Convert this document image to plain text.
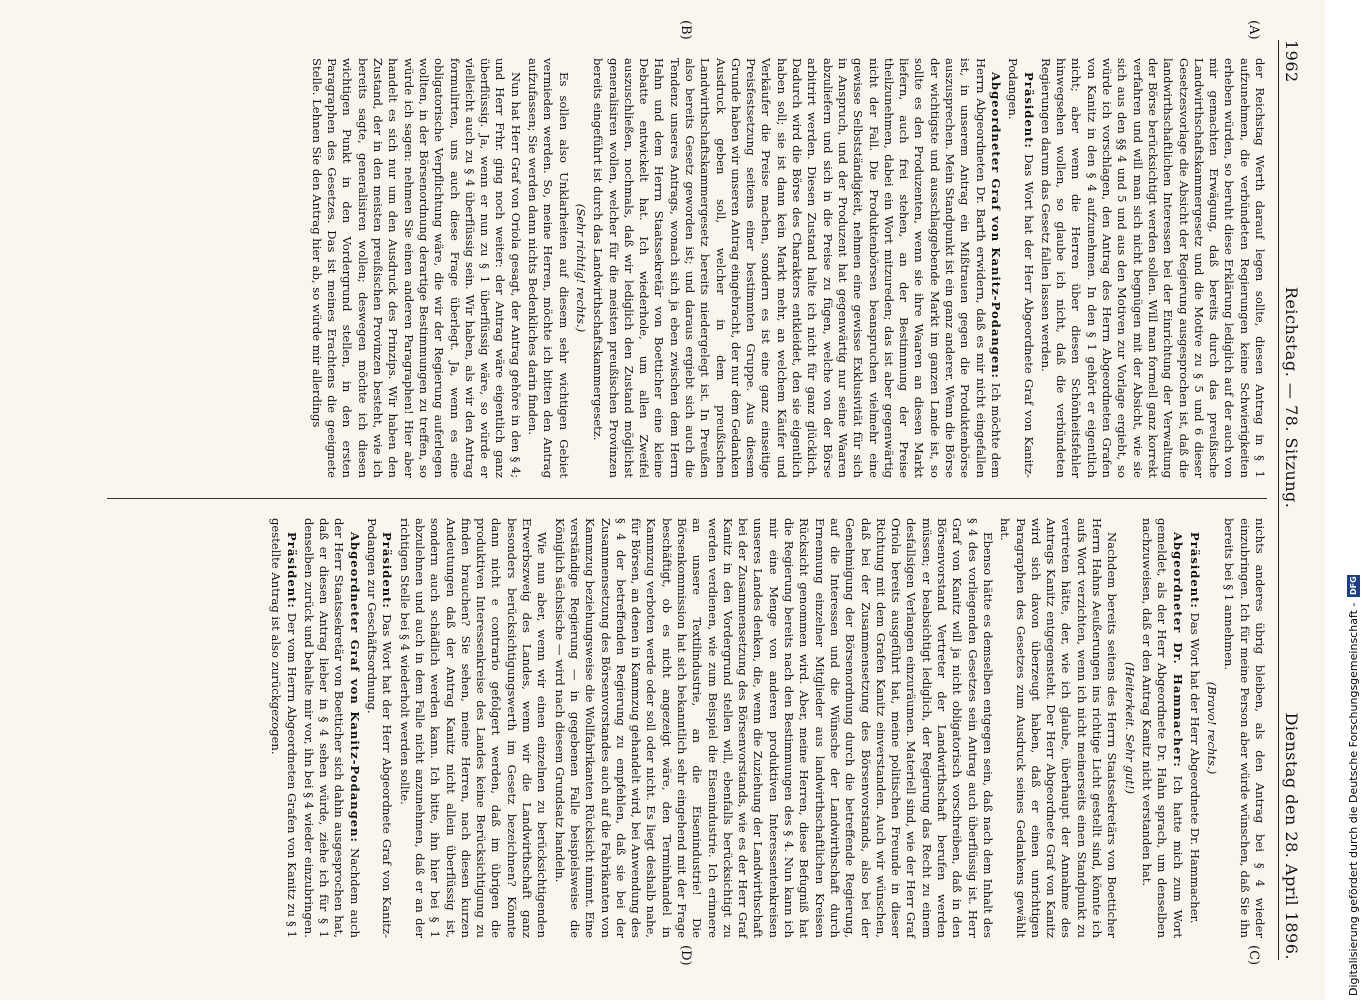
1962
Reichstag. — 78. Sitzung.
Dienstag den 28. April 1896.
(A)
(B)
(C)
(D)

der Reichstag Werth darauf legen sollte, diesen Antrag in § 1 aufzunehmen, die verbündeten Regierungen keine Schwierigkeiten erheben würden, so beruht diese Erklärung lediglich auf der auch von mir gemachten Erwägung, daß bereits durch das preußische Landwirthschaftskammergesetz und die Motive zu § 5 und 6 dieser Gesetzesvorlage die Absicht der Regierung ausgesprochen ist, daß die landwirthschaftlichen Interessen bei der Einrichtung der Verwaltung der Börse berücksichtigt werden sollen. Will man formell ganz korrekt verfahren und will man sich nicht begnügen mit der Absicht, wie sie sich aus den §§ 4 und 5 und aus den Motiven zur Vorlage ergiebt, so würde ich vorschlagen, den Antrag des Herrn Abgeordneten Grafen von Kanitz in den § 4 aufzunehmen. In den § 1 gehört er eigentlich nicht; aber wenn die Herren über diesen Schönheitsfehler hinwegsehen wollen, so glaube ich nicht, daß die verbündeten Regierungen darum das Gesetz fallen lassen werden.

Präsident: Das Wort hat der Herr Abgeordnete Graf von Kanitz-Podangen.

Abgeordneter Graf von Kanitz-Podangen: Ich möchte dem Herrn Abgeordneten Dr. Barth erwidern, daß es mir nicht eingefallen ist, in unserem Antrag ein Mißtrauen gegen die Produktenbörse auszusprechen. Mein Standpunkt ist ein ganz anderer. Wenn die Börse der wichtigste und ausschlaggebende Markt im ganzen Lande ist, so sollte es den Produzenten, wenn sie ihre Waaren an diesen Markt liefern, auch frei stehen, an der Bestimmung der Preise theilzunehmen, dabei ein Wort mitzureden; das ist aber gegenwärtig nicht der Fall. Die Produktenbörsen beanspruchen vielmehr eine gewisse Selbstständigkeit, nehmen eine gewisse Exklusivität für sich in Anspruch, und der Produzent hat gegenwärtig nur seine Waaren abzuliefern und sich in die Preise zu fügen, welche von der Börse arbitrirt werden. Diesen Zustand halte ich nicht für ganz glücklich. Dadurch wird die Börse des Charakters entkleidet, den sie eigentlich haben soll; sie ist dann kein Markt mehr, an welchem Käufer und Verkäufer die Preise machen, sondern es ist eine ganz einseitige Preisfestsetzung seitens einer bestimmten Gruppe. Aus diesem Grunde haben wir unseren Antrag eingebracht, der nur dem Gedanken Ausdruck geben soll, welcher in dem preußischen Landwirthschaftskammergesetz bereits niedergelegt ist. In Preußen also bereits Gesetz geworden ist; und daraus ergiebt sich auch die Tendenz unseres Antrags, wonach sich ja eben zwischen dem Herrn Hahn und dem Herrn Staatssekretär von Boetticher eine kleine Debatte entwickelt hat. Ich wiederhole, um allen Zweifel auszuschließen, nochmals, daß wir lediglich den Zustand möglichst generalisiren wollen, welcher für die meisten preußischen Provinzen bereits eingeführt ist durch das Landwirthschaftskammergesetz.

(Sehr richtig! rechts.)

Es sollen also Unklarheiten auf diesem sehr wichtigen Gebiet vermieden werden. So, meine Herren, möchte ich bitten den Antrag aufzufassen; Sie werden dann nichts Bedenkliches darin finden.

Nun hat Herr Graf von Oriola gesagt, der Antrag gehöre in den § 4; und Herr Frhr. ging noch weiter: der Antrag wäre eigentlich ganz überflüssig. Ja, wenn er nun zu § 1 überflüssig wäre, so würde er vielleicht auch zu § 4 überflüssig sein. Wir haben, als wir den Antrag formulirten, uns auch diese Frage überlegt. Ja, wenn es eine obligatorische Verpflichtung wäre, die wir der Regierung auferlegen wollten, in der Börsenordnung derartige Bestimmungen zu treffen, so würde ich sagen: nehmen Sie einen anderen Paragraphen! Hier aber handelt es sich nur um den Ausdruck des Prinzips. Wir haben den Zustand, der in den meisten preußischen Provinzen besteht, wie ich bereits sagte, generalisiren wollen; deswegen möchte ich diesen wichtigen Punkt in den Vordergrund stellen, in den ersten Paragraphen des Gesetzes. Das ist meines Erachtens die geeignete Stelle. Lehnen Sie den Antrag hier ab, so würde mir allerdings

nichts anderes übrig bleiben, als den Antrag bei § 4 wieder einzubringen. Ich für meine Person aber würde wünschen, daß Sie ihn bereits bei § 1 annehmen.

(Bravo! rechts.)

Präsident: Das Wort hat der Herr Abgeordnete Dr. Hammacher.

Abgeordneter Dr. Hammacher: Ich hatte mich zum Wort gemeldet, als der Herr Abgeordnete Dr. Hahn sprach, um denselben nachzuweisen, daß er den Antrag Kanitz nicht verstanden hat.

(Heiterkeit. Sehr gut!)

Nachdem bereits seitens des Herrn Staatssekretärs von Boetticher Herrn Hahns Aeußerungen ins richtige Licht gestellt sind, könnte ich aufs Wort verzichten, wenn ich nicht meinerseits einen Standpunkt zu vertreten hätte, der, wie ich glaube, überhaupt der Annahme des Antrags Kanitz entgegensteht. Der Herr Abgeordnete Graf von Kanitz wird sich davon überzeugt haben, daß er einen unrichtigen Paragraphen des Gesetzes zum Ausdruck seines Gedankens gewählt hat.

Ebenso hätte es demselben entgegen sein, daß nach dem Inhalt des § 4 des vorliegenden Gesetzes sein Antrag auch überflüssig ist. Herr Graf von Kanitz will ja nicht obligatorisch vorschreiben, daß in den Börsenvorstand Vertreter der Landwirthschaft berufen werden müssen; er beabsichtigt lediglich, der Regierung das Recht zu einem desfallsigen Verlangen einzuräumen. Materiell sind, wie der Herr Graf Oriola bereits ausgeführt hat, meine politischen Freunde in dieser Richtung mit dem Grafen Kanitz einverstanden. Auch wir wünschen, daß bei der Zusammensetzung des Börsenvorstands, also bei der Genehmigung der Börsenordnung durch die betreffende Regierung, auf die Interessen und die Wünsche der Landwirthschaft durch Ernennung einzelner Mitglieder aus landwirthschaftlichen Kreisen Rücksicht genommen wird. Aber, meine Herren, diese Befugniß hat die Regierung bereits nach den Bestimmungen des § 4. Nun kann ich mir eine Menge von anderen produktiven Interessentenkreisen unseres Landes denken, die, wenn die Zuziehung der Landwirthschaft bei der Zusammensetzung des Börsenvorstands, wie es der Herr Graf Kanitz in den Vordergrund stellen will, ebenfalls berücksichtigt zu werden verdienen, wie zum Beispiel die Eisenindustrie. Ich erinnere an unsere Textilindustrie, an die Eisenindustrie! Die Börsenkommission hat sich bekanntlich sehr eingehend mit der Frage beschäftigt, ob es nicht angezeigt wäre, den Terminhandel in Kammzug verboten werde oder soll oder nicht. Es liegt deshalb nahe, für Börsen, an denen in Kammzug gehandelt wird, bei Anwendung des § 4 der betreffenden Regierung zu empfehlen, daß sie bei der Zusammensetzung des Börsenvorstandes auch auf die Fabrikanten von Kammzug beziehungsweise die Wollfabrikanten Rücksicht nimmt. Eine verständige Regierung — in gegebenen Falle beispielsweise die Königlich sächsische — wird nach diesem Grundsatz handeln.

Wie nun aber, wenn wir einen einzelnen zu berücksichtigenden Erwerbszweig des Landes, wenn wir die Landwirthschaft ganz besonders berücksichtigungswerth im Gesetz bezeichnen? Könnte dann nicht e contrario gefolgert werden, daß im übrigen die produktiven Interessenkreise des Landes keine Berücksichtigung zu finden brauchen? Sie sehen, meine Herren, nach diesen kurzen Andeutungen daß der Antrag Kanitz nicht allein überflüssig ist, sondern auch schädlich werden kann. Ich bitte, ihn hier bei § 1 abzulehnen und auch in dem Falle nicht anzunehmen, daß er an der richtigen Stelle bei § 4 wiederholt werden sollte.

Präsident: Das Wort hat der Herr Abgeordnete Graf von Kanitz-Podangen zur Geschäftsordnung.

Abgeordneter Graf von Kanitz-Podangen: Nachdem auch der Herr Staatssekretär von Boetticher sich dahin ausgesprochen hat, daß er diesen Antrag lieber in § 4 sehen würde, ziehe ich für § 1 denselben zurück und behalte mir vor, ihn bei § 4 wieder einzubringen.

Präsident: Der vom Herrn Abgeordneten Grafen von Kanitz zu § 1 gestellte Antrag ist also zurückgezogen.	Digitalisierung gefördert durch die Deutsche Forschungsgemeinschaft -
DFG
